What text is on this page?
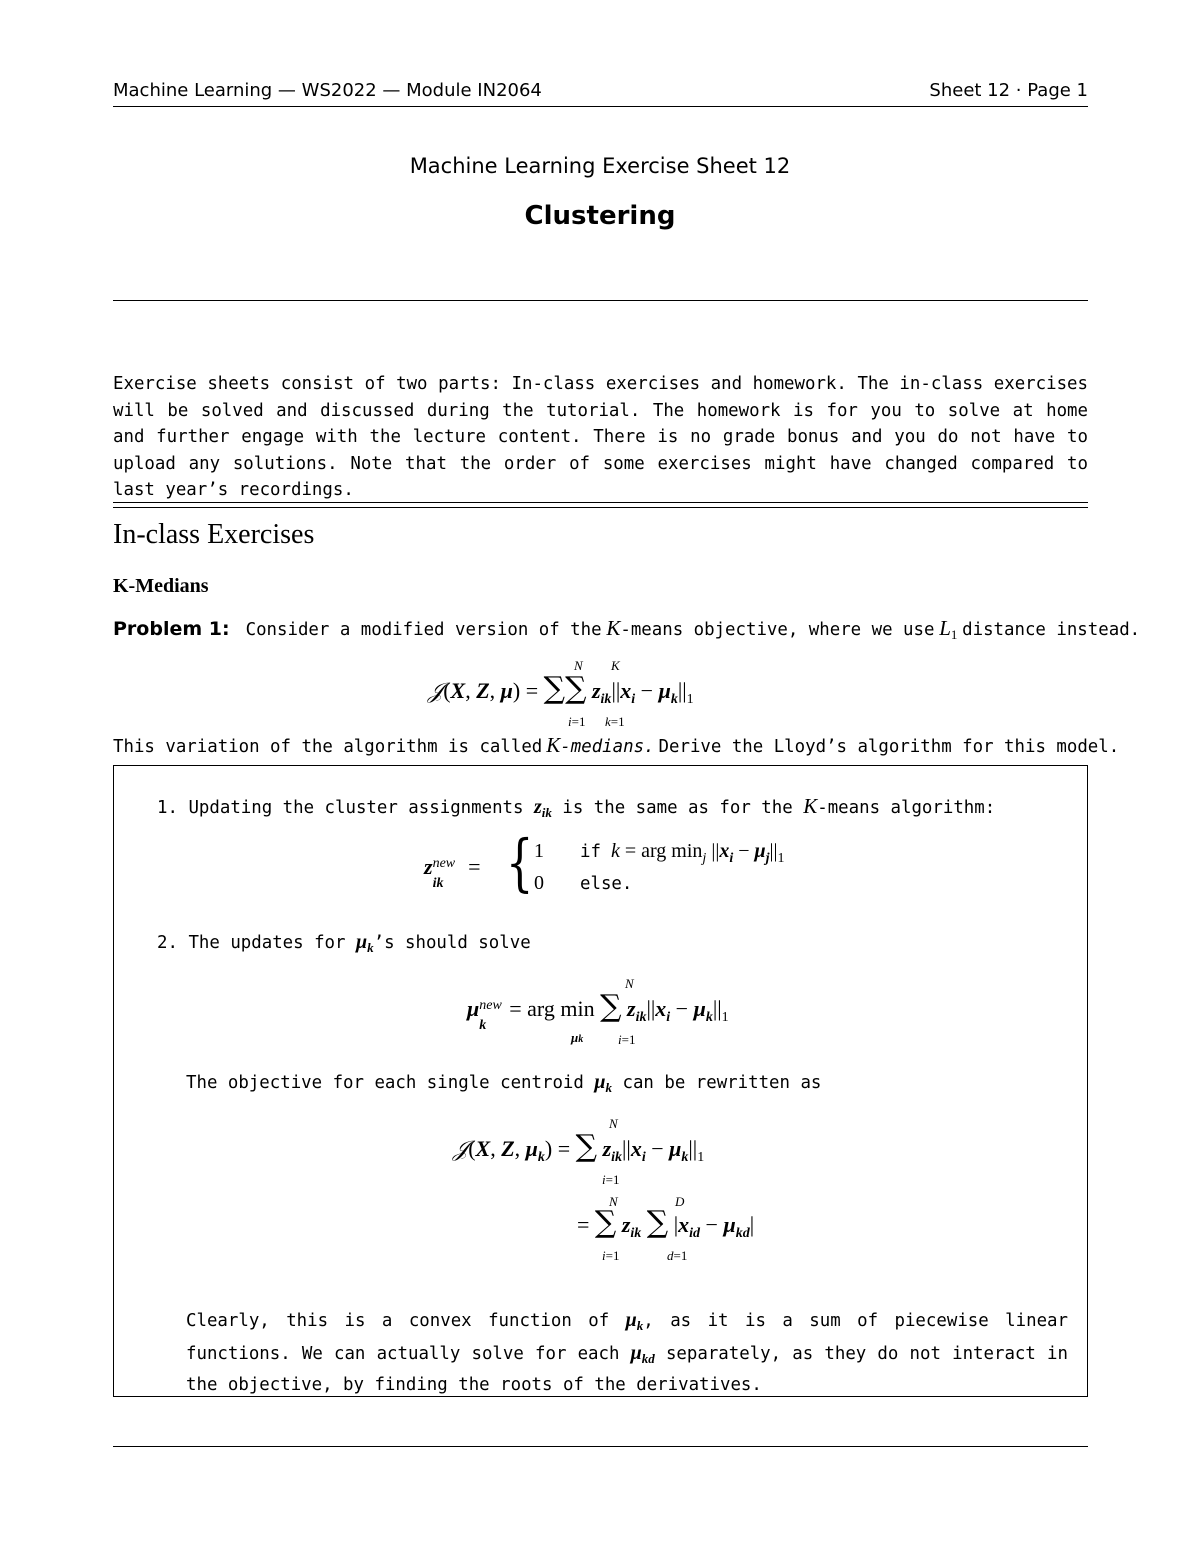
Machine Learning — WS2022 — Module IN2064	Sheet 12 · Page 1
Machine Learning Exercise Sheet 12
Clustering
Exercise sheets consist of two parts: In-class exercises and homework. The in-class exercises will be solved and discussed during the tutorial. The homework is for you to solve at home and further engage with the lecture content. There is no grade bonus and you do not have to upload any solutions. Note that the order of some exercises might have changed compared to last year’s recordings.
In-class Exercises
K-Medians
Problem 1: Consider a modified version of the K-means objective, where we use $L_1$ distance instead.
N K
𝒥(X, Z, μ) = ∑∑ $z_{ik}||x_i - \mu_k||_1$
i=1 k=1
This variation of the algorithm is called K-medians. Derive the Lloyd’s algorithm for this model.
1. Updating the cluster assignments $z_{ik}$ is the same as for the K-means algorithm:
z new
ik
= { 1 if k = arg $\min_j ||x_i - \mu_j||_1$
0 else.
2. The updates for $\mu_k’s$ should solve
N
μ new
k
= arg min ∑ $z_{ik}||x_i - \mu_k||_1$
μk	i=1
The objective for each single centroid $\mu_k$ can be rewritten as
N
𝒥(X, Z, $\mu_k$) = ∑ $z_{ik}||x_i - \mu_k||_1$
i=1
N	D
= ∑ $z_{ik}$ ∑ $|x_{id} - \mu_{kd}|$
i=1	d=1
Clearly, this is a convex function of $\mu_k$, as it is a sum of piecewise linear functions. We can actually solve for each $\mu_{kd}$ separately, as they do not interact in the objective, by finding the roots of the derivatives.
